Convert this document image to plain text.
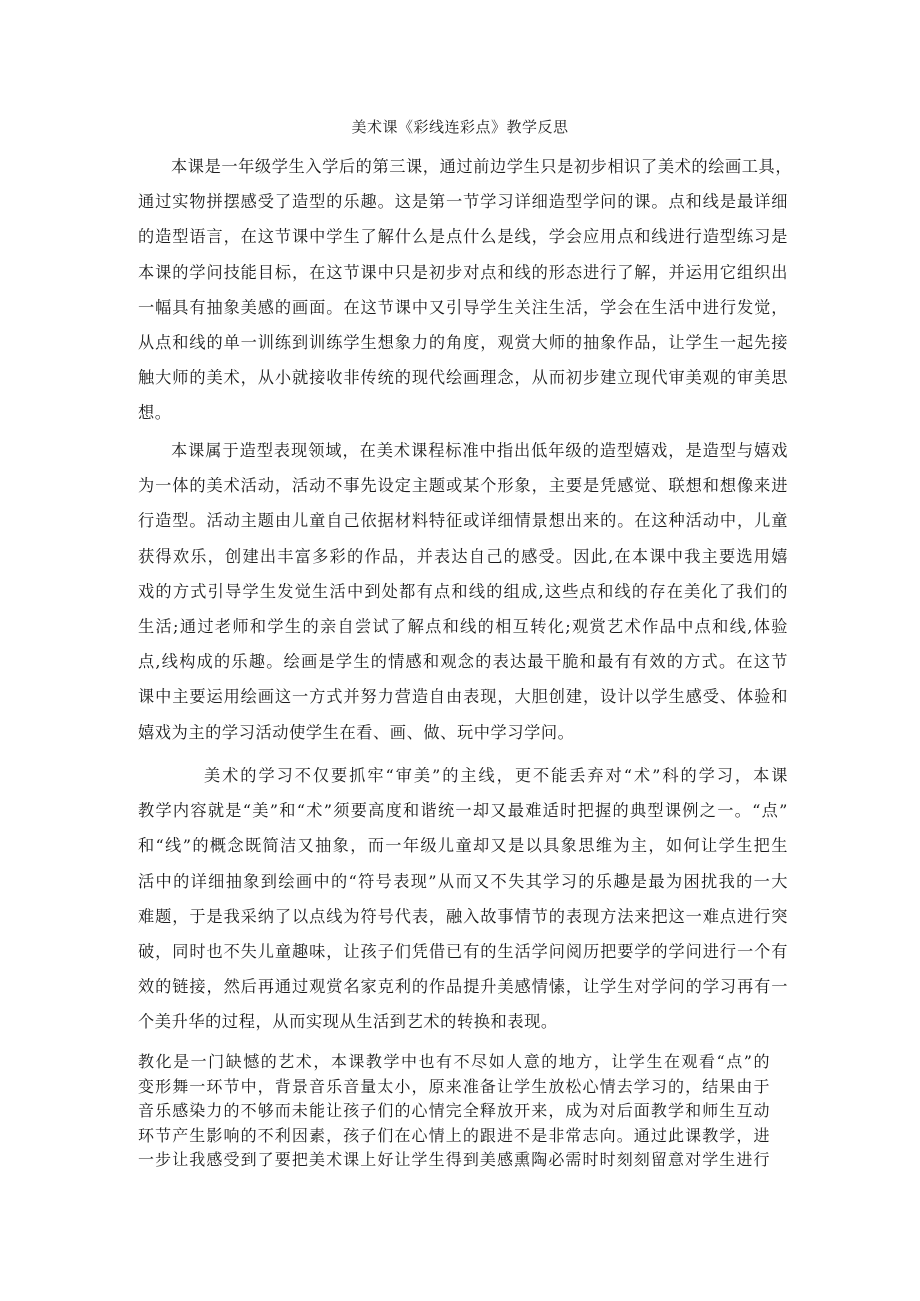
美术课《彩线连彩点》教学反思
本课是一年级学生入学后的第三课，通过前边学生只是初步相识了美术的绘画工具，
通过实物拼摆感受了造型的乐趣。这是第一节学习详细造型学问的课。点和线是最详细
的造型语言，在这节课中学生了解什么是点什么是线，学会应用点和线进行造型练习是
本课的学问技能目标，在这节课中只是初步对点和线的形态进行了解，并运用它组织出
一幅具有抽象美感的画面。在这节课中又引导学生关注生活，学会在生活中进行发觉，
从点和线的单一训练到训练学生想象力的角度，观赏大师的抽象作品，让学生一起先接
触大师的美术，从小就接收非传统的现代绘画理念，从而初步建立现代审美观的审美思
想。
本课属于造型表现领域，在美术课程标准中指出低年级的造型嬉戏，是造型与嬉戏
为一体的美术活动，活动不事先设定主题或某个形象，主要是凭感觉、联想和想像来进
行造型。活动主题由儿童自己依据材料特征或详细情景想出来的。在这种活动中，儿童
获得欢乐，创建出丰富多彩的作品，并表达自己的感受。因此,在本课中我主要选用嬉
戏的方式引导学生发觉生活中到处都有点和线的组成,这些点和线的存在美化了我们的
生活;通过老师和学生的亲自尝试了解点和线的相互转化;观赏艺术作品中点和线,体验
点,线构成的乐趣。绘画是学生的情感和观念的表达最干脆和最有有效的方式。在这节
课中主要运用绘画这一方式并努力营造自由表现，大胆创建，设计以学生感受、体验和
嬉戏为主的学习活动使学生在看、画、做、玩中学习学问。
美术的学习不仅要抓牢“审美”的主线，更不能丢弃对“术”科的学习，本课
教学内容就是“美”和“术”须要高度和谐统一却又最难适时把握的典型课例之一。“点”
和“线”的概念既简洁又抽象，而一年级儿童却又是以具象思维为主，如何让学生把生
活中的详细抽象到绘画中的“符号表现”从而又不失其学习的乐趣是最为困扰我的一大
难题，于是我采纳了以点线为符号代表，融入故事情节的表现方法来把这一难点进行突
破，同时也不失儿童趣味，让孩子们凭借已有的生活学问阅历把要学的学问进行一个有
效的链接，然后再通过观赏名家克利的作品提升美感情愫，让学生对学问的学习再有一
个美升华的过程，从而实现从生活到艺术的转换和表现。
教化是一门缺憾的艺术，本课教学中也有不尽如人意的地方，让学生在观看“点”的
变形舞一环节中，背景音乐音量太小，原来准备让学生放松心情去学习的，结果由于
音乐感染力的不够而未能让孩子们的心情完全释放开来，成为对后面教学和师生互动
环节产生影响的不利因素，孩子们在心情上的跟进不是非常志向。通过此课教学，进
一步让我感受到了要把美术课上好让学生得到美感熏陶必需时时刻刻留意对学生进行
